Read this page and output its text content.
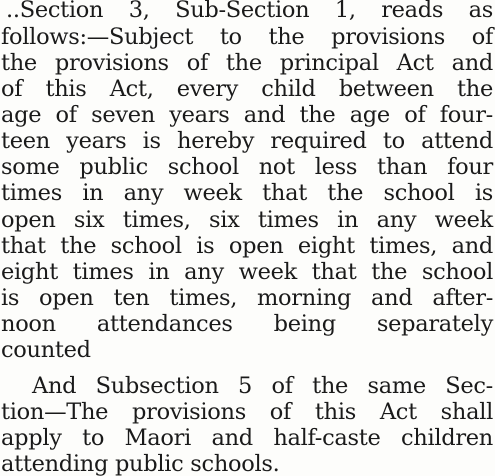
..Section 3, Sub-Section 1, reads as
follows:—Subject to the provisions of
the provisions of the principal Act and
of this Act, every child between the
age of seven years and the age of four-
teen years is hereby required to attend
some public school not less than four
times in any week that the school is
open six times, six times in any week
that the school is open eight times, and
eight times in any week that the school
is open ten times, morning and after-
noon attendances being separately
counted
And Subsection 5 of the same Sec-
tion—The provisions of this Act shall
apply to Maori and half-caste children
attending public schools.
